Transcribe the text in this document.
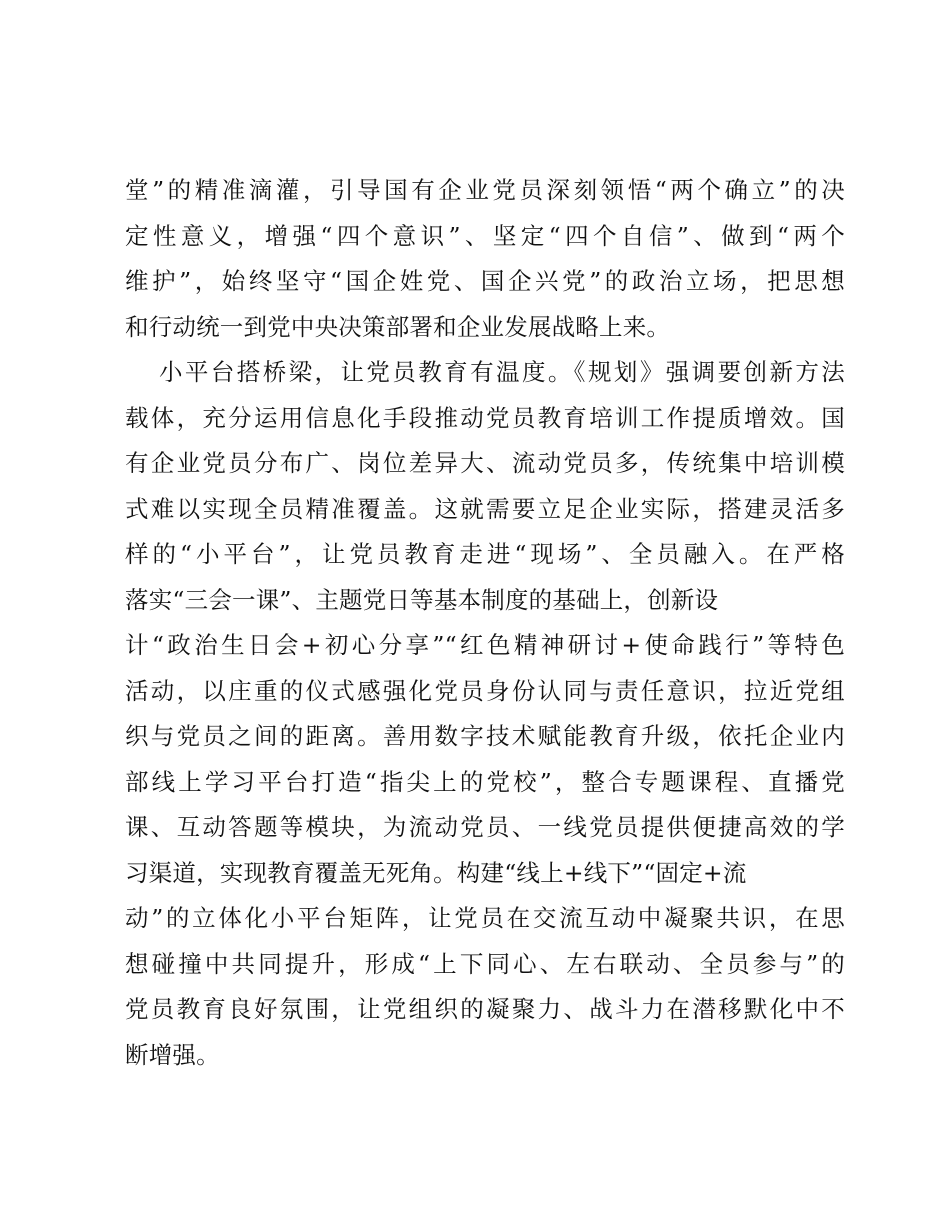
堂”的精准滴灌，引导国有企业党员深刻领悟“两个确立”的决
定性意义，增强“四个意识”、坚定“四个自信”、做到“两个
维护”，始终坚守“国企姓党、国企兴党”的政治立场，把思想
和行动统一到党中央决策部署和企业发展战略上来。
小平台搭桥梁，让党员教育有温度。《规划》强调要创新方法
载体，充分运用信息化手段推动党员教育培训工作提质增效。国
有企业党员分布广、岗位差异大、流动党员多，传统集中培训模
式难以实现全员精准覆盖。这就需要立足企业实际，搭建灵活多
样的“小平台”，让党员教育走进“现场”、全员融入。在严格
落实“三会一课”、主题党日等基本制度的基础上，创新设
计“政治生日会+初心分享”“红色精神研讨+使命践行”等特色
活动，以庄重的仪式感强化党员身份认同与责任意识，拉近党组
织与党员之间的距离。善用数字技术赋能教育升级，依托企业内
部线上学习平台打造“指尖上的党校”，整合专题课程、直播党
课、互动答题等模块，为流动党员、一线党员提供便捷高效的学
习渠道，实现教育覆盖无死角。构建“线上+线下”“固定+流
动”的立体化小平台矩阵，让党员在交流互动中凝聚共识，在思
想碰撞中共同提升，形成“上下同心、左右联动、全员参与”的
党员教育良好氛围，让党组织的凝聚力、战斗力在潜移默化中不
断增强。
